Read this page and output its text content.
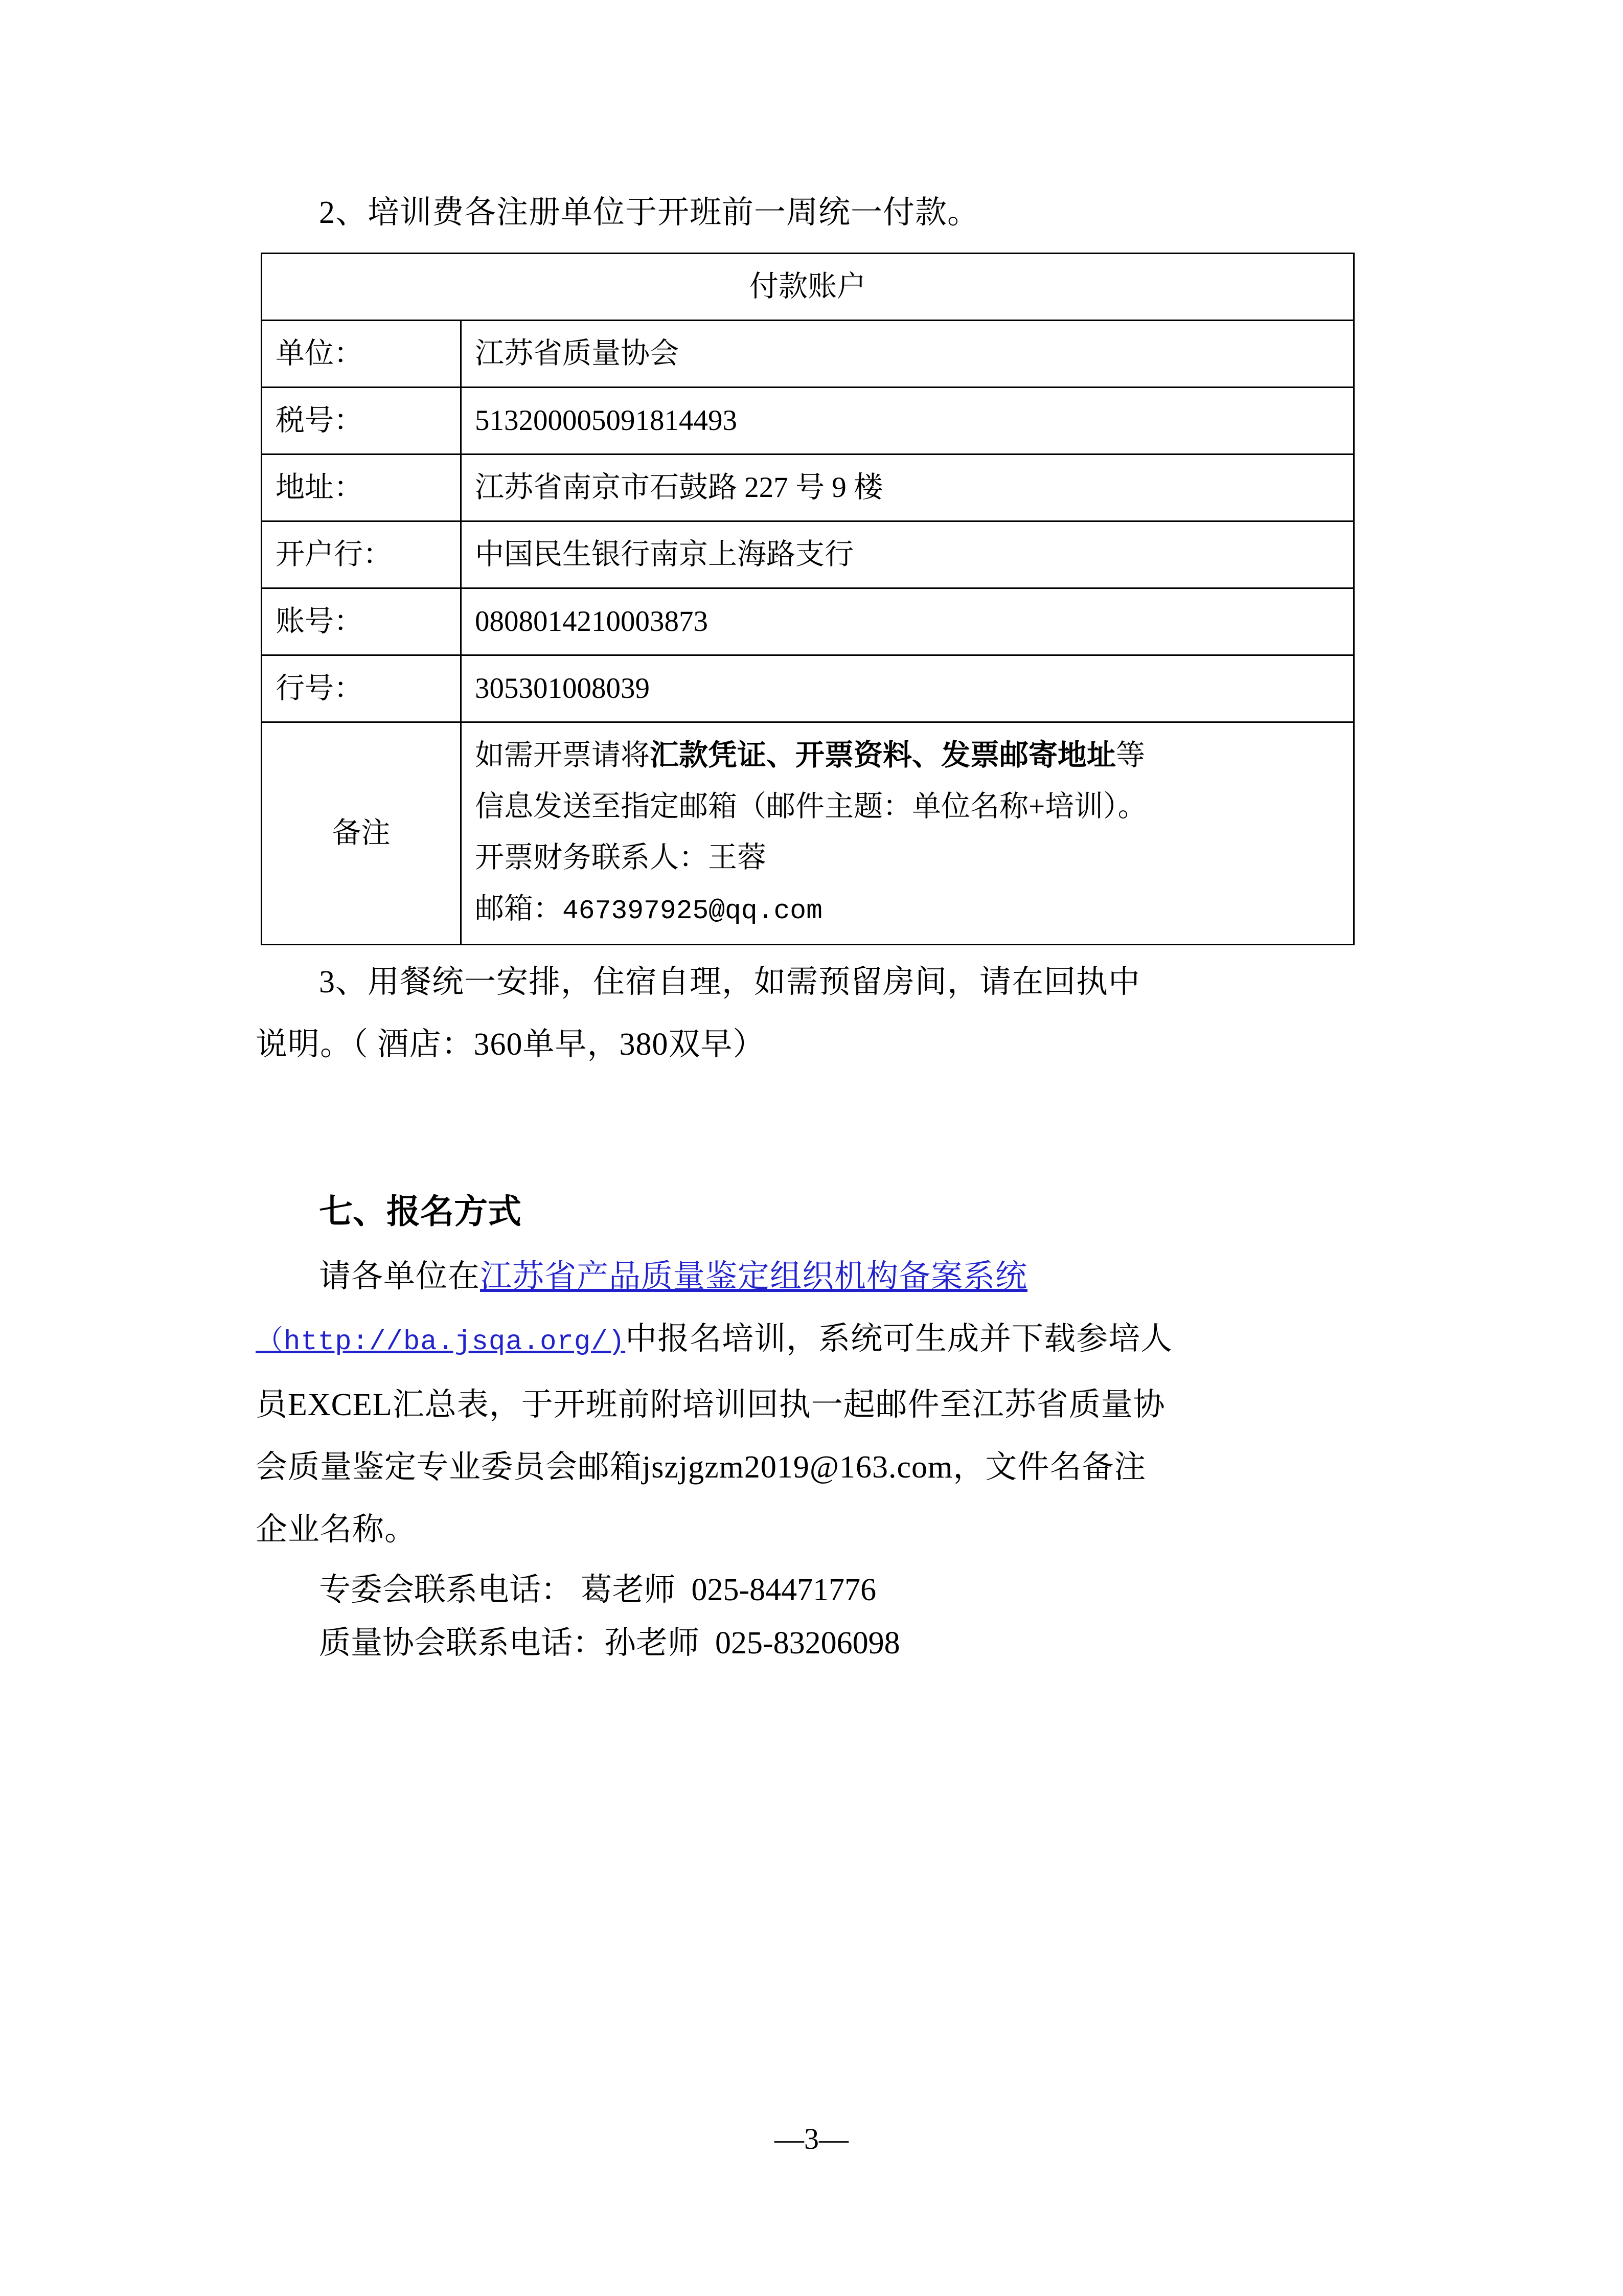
2、培训费各注册单位于开班前一周统一付款。

付款账户	
单位：	江苏省质量协会
税号：	513200005091814493
地址：	江苏省南京市石鼓路 227 号 9 楼
开户行：	中国民生银行南京上海路支行
账号：	0808014210003873
行号：	305301008039
备注	如需开票请将汇款凭证、开票资料、发票邮寄地址等
信息发送至指定邮箱（邮件主题：单位名称+培训）。
开票财务联系人：王蓉
邮箱：467397925@qq.com

3、用餐统一安排，住宿自理，如需预留房间，请在回执中

说明。（ 酒店：360单早，380双早）

七、报名方式

请各单位在江苏省产品质量鉴定组织机构备案系统

（http://ba.jsqa.org/)中报名培训，系统可生成并下载参培人

员EXCEL汇总表，于开班前附培训回执一起邮件至江苏省质量协

会质量鉴定专业委员会邮箱jszjgzm2019@163.com，文件名备注

企业名称。

专委会联系电话： 葛老师  025-84471776

质量协会联系电话：孙老师  025-83206098

—3—
